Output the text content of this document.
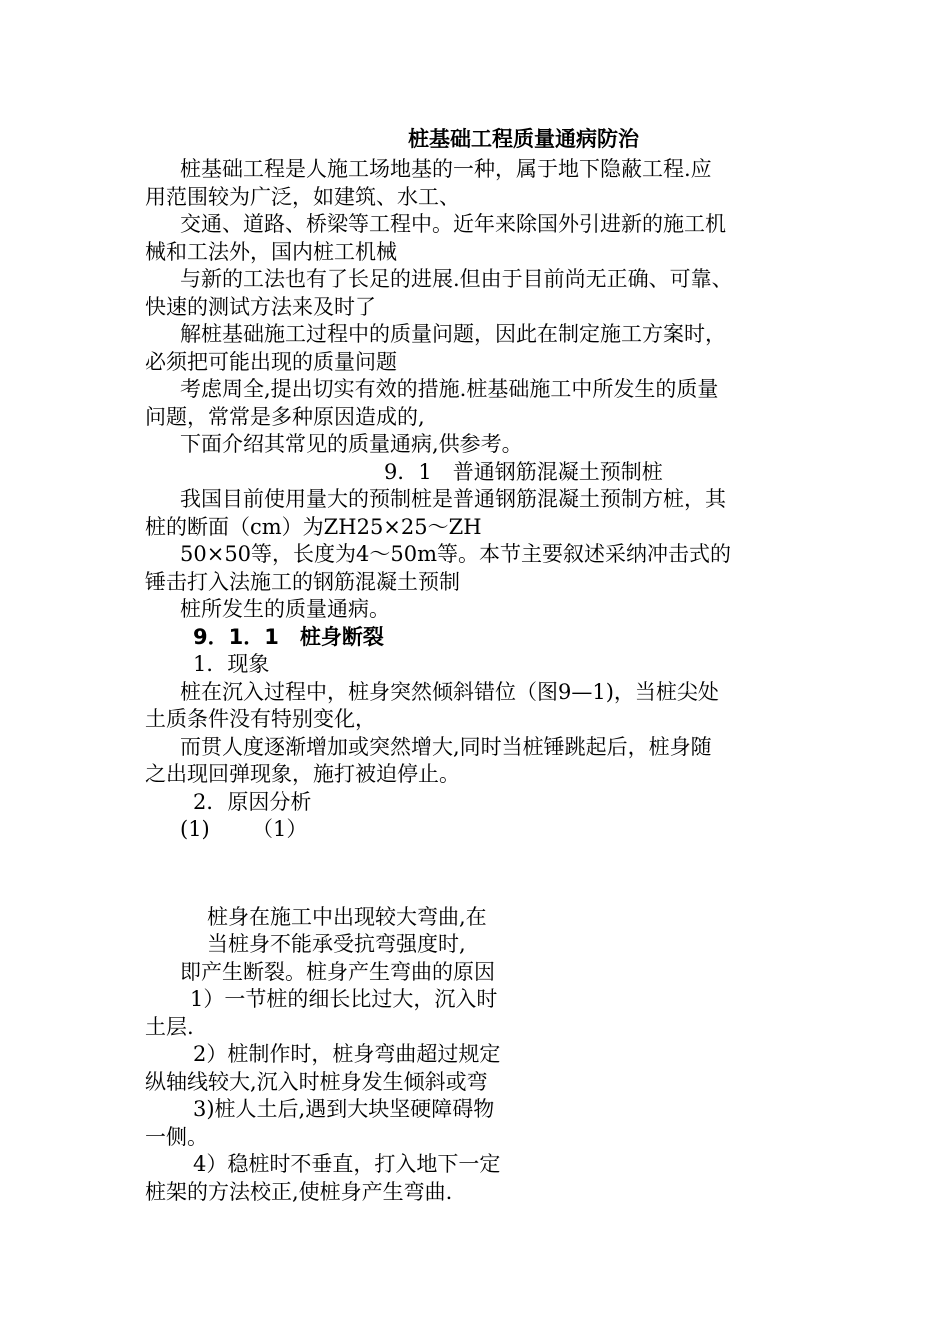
桩基础工程质量通病防治

桩基础工程是人施工场地基的一种，属于地下隐蔽工程.应

用范围较为广泛，如建筑、水工、

交通、道路、桥梁等工程中。近年来除国外引进新的施工机

械和工法外，国内桩工机械

与新的工法也有了长足的进展.但由于目前尚无正确、可靠、

快速的测试方法来及时了

解桩基础施工过程中的质量问题，因此在制定施工方案时，

必须把可能出现的质量问题

考虑周全,提出切实有效的措施.桩基础施工中所发生的质量

问题，常常是多种原因造成的,

下面介绍其常见的质量通病,供参考。

9．1　普通钢筋混凝土预制桩

我国目前使用量大的预制桩是普通钢筋混凝土预制方桩，其

桩的断面（cm）为ZH25×25～ZH

50×50等，长度为4～50m等。本节主要叙述采纳冲击式的

锤击打入法施工的钢筋混凝土预制

桩所发生的质量通病。

9．1．1　桩身断裂

1．现象

桩在沉入过程中，桩身突然倾斜错位（图9—1)，当桩尖处

土质条件没有特别变化，

而贯人度逐渐增加或突然增大,同时当桩锤跳起后，桩身随

之出现回弹现象，施打被迫停止。

2．原因分析

(1) （1）

桩身在施工中出现较大弯曲,在

当桩身不能承受抗弯强度时,

即产生断裂。桩身产生弯曲的原因

1）一节桩的细长比过大，沉入时

土层.

2）桩制作时，桩身弯曲超过规定

纵轴线较大,沉入时桩身发生倾斜或弯

3)桩人土后,遇到大块坚硬障碍物

一侧。

4）稳桩时不垂直，打入地下一定

桩架的方法校正,使桩身产生弯曲.
